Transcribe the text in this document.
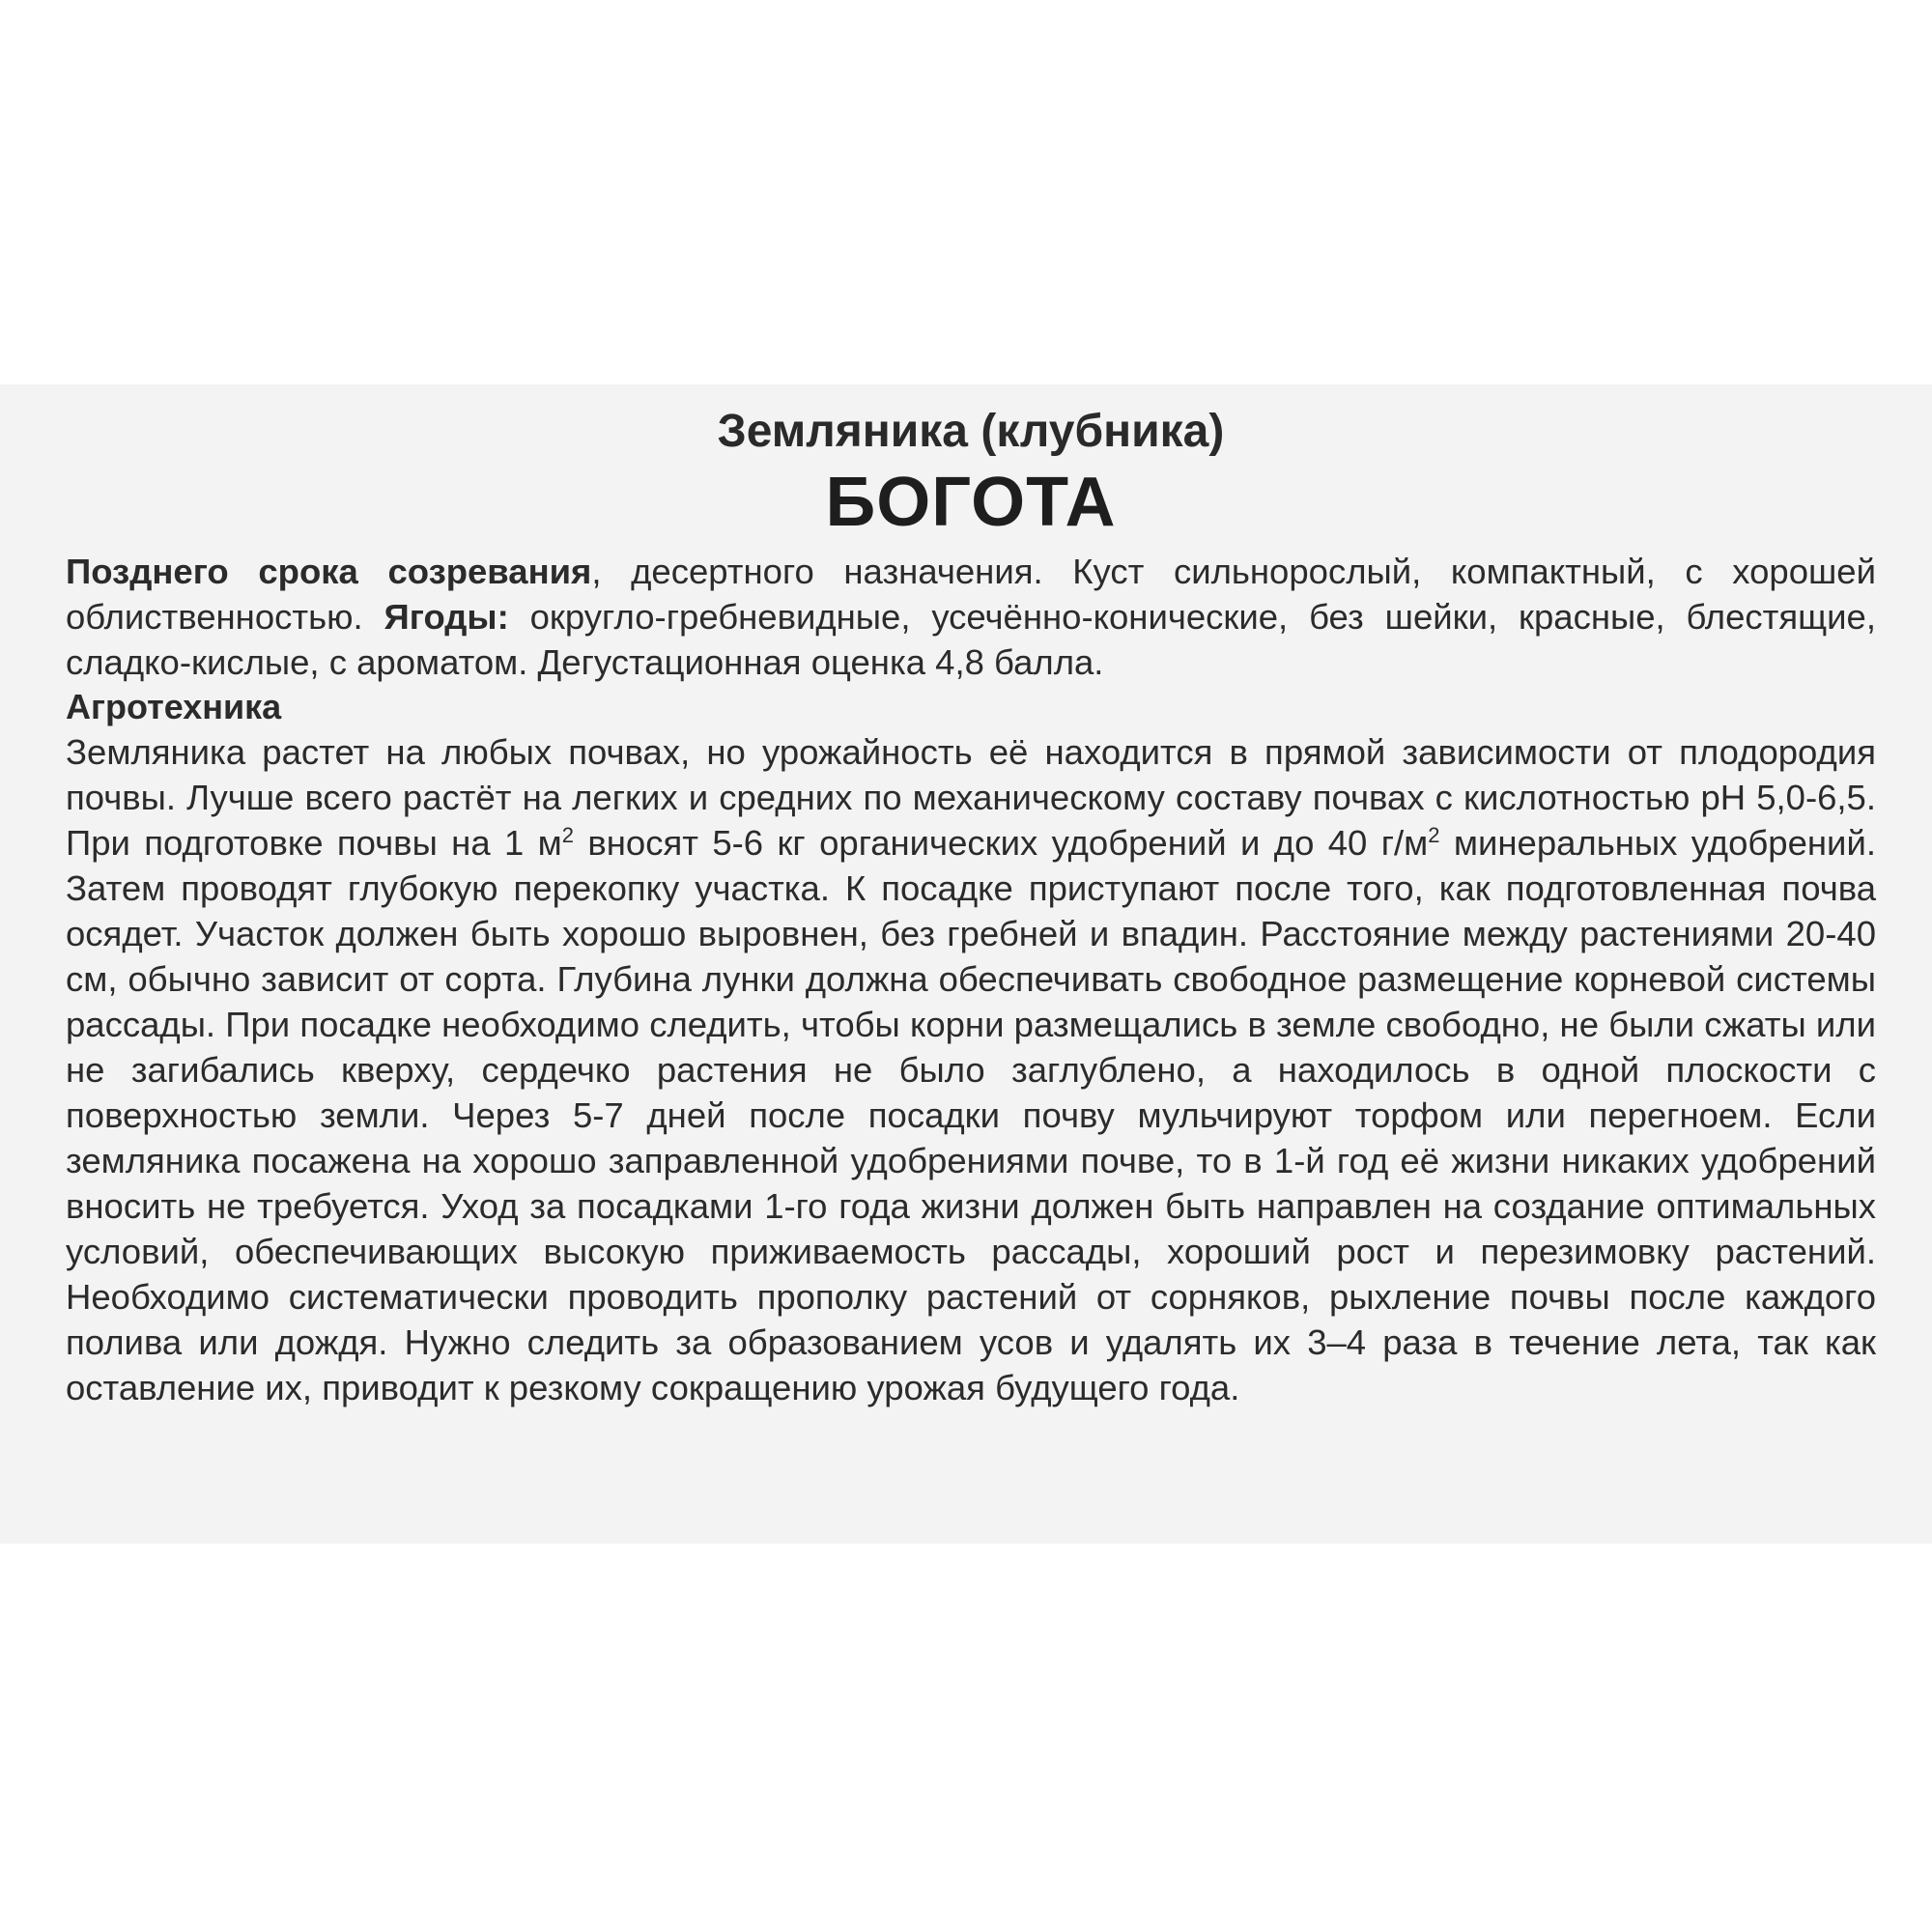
Земляника (клубника)
БОГОТА

Позднего срока созревания, десертного назначения. Куст сильнорослый, компактный, с хорошей облиственностью. Ягоды: округло-гребневидные, усечённо-конические, без шейки, красные, блестящие, сладко-кислые, с ароматом. Дегустационная оценка 4,8 балла.

Агротехника

Земляника растет на любых почвах, но урожайность её находится в прямой зависимости от плодородия почвы. Лучше всего растёт на легких и средних по механическому составу почвах с кислотностью рН 5,0-6,5. При подготовке почвы на 1 $м^2$ вносят 5-6 кг органических удобрений и до 40 $г/м^2$ минеральных удобрений. Затем проводят глубокую перекопку участка. К посадке приступают после того, как подготовленная почва осядет. Участок должен быть хорошо выровнен, без гребней и впадин. Расстояние между растениями 20-40 см, обычно зависит от сорта. Глубина лунки должна обеспечивать свободное размещение корневой системы рассады. При посадке необходимо следить, чтобы корни размещались в земле свободно, не были сжаты или не загибались кверху, сердечко растения не было заглублено, а находилось в одной плоскости с поверхностью земли. Через 5-7 дней после посадки почву мульчируют торфом или перегноем. Если земляника посажена на хорошо заправленной удобрениями почве, то в 1-й год её жизни никаких удобрений вносить не требуется. Уход за посадками 1-го года жизни должен быть направлен на создание оптимальных условий, обеспечивающих высокую приживаемость рассады, хороший рост и перезимовку растений. Необходимо систематически проводить прополку растений от сорняков, рыхление почвы после каждого полива или дождя. Нужно следить за образованием усов и удалять их 3–4 раза в течение лета, так как оставление их, приводит к резкому сокращению урожая будущего года.
